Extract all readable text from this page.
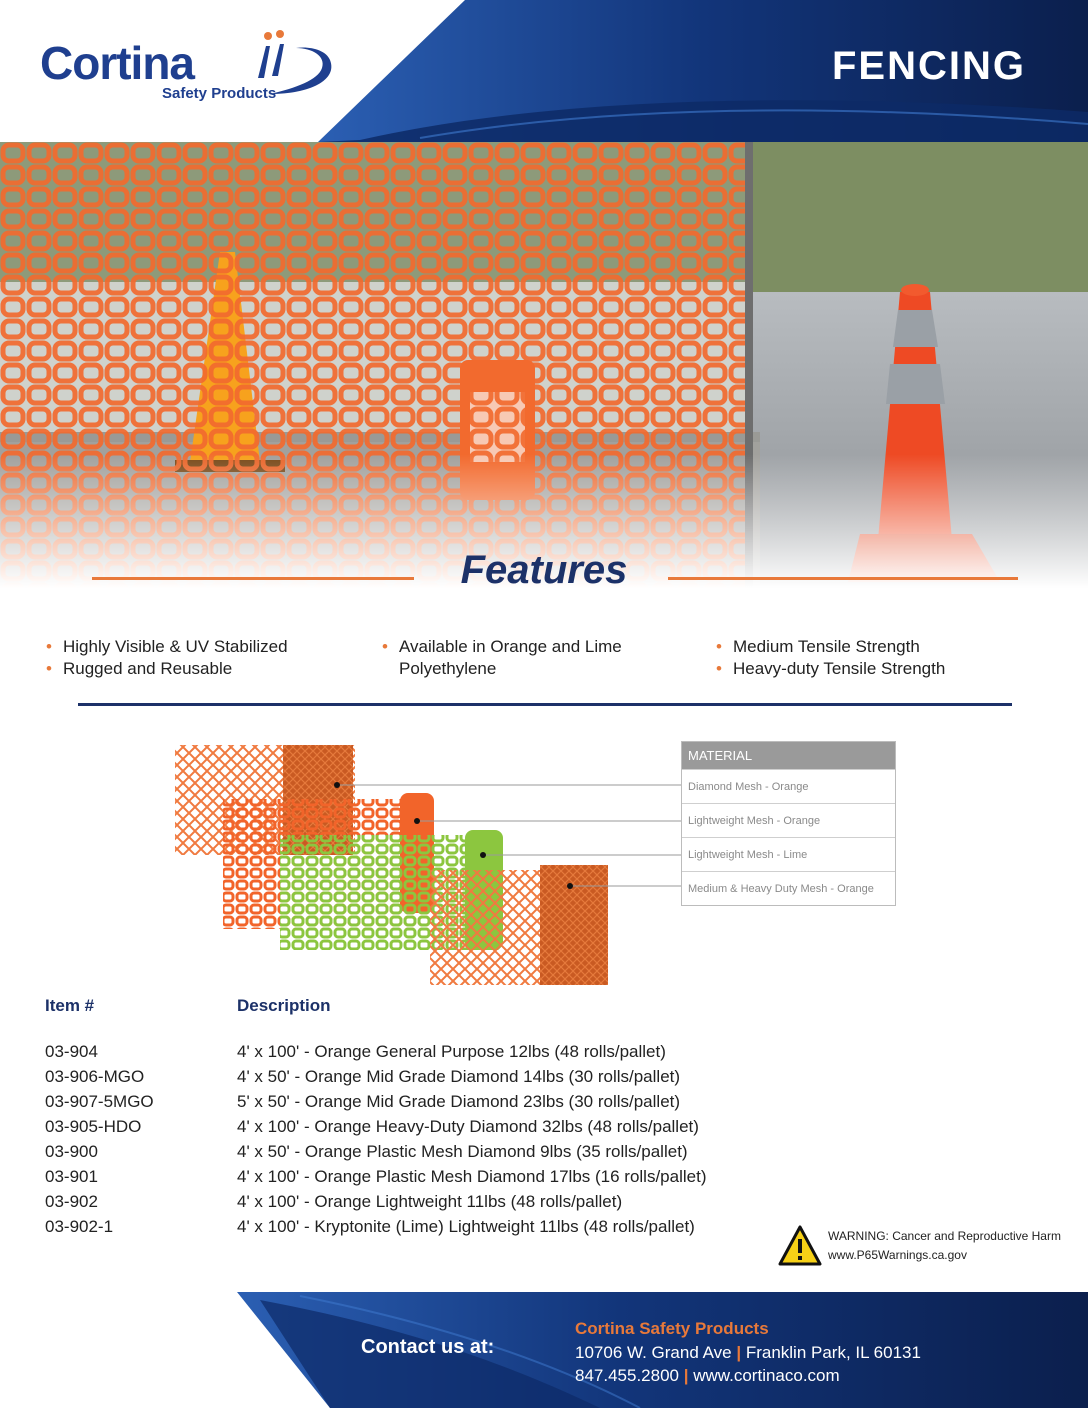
Cortina
Safety Products
FENCING
Features
• Highly Visible & UV Stabilized
• Rugged and Reusable
• Available in Orange and Lime Polyethylene
• Medium Tensile Strength
• Heavy-duty Tensile Strength
MATERIAL
Diamond Mesh - Orange
Lightweight Mesh - Orange
Lightweight Mesh - Lime
Medium & Heavy Duty Mesh - Orange
Item #	Description
03-904	4' x 100' - Orange General Purpose 12lbs (48 rolls/pallet)
03-906-MGO	4' x 50' - Orange Mid Grade Diamond 14lbs (30 rolls/pallet)
03-907-5MGO	5' x 50' - Orange Mid Grade Diamond 23lbs (30 rolls/pallet)
03-905-HDO	4' x 100' - Orange Heavy-Duty Diamond 32lbs (48 rolls/pallet)
03-900	4' x 50' - Orange Plastic Mesh Diamond 9lbs (35 rolls/pallet)
03-901	4' x 100' - Orange Plastic Mesh Diamond 17lbs (16 rolls/pallet)
03-902	4' x 100' - Orange Lightweight 11lbs (48 rolls/pallet)
03-902-1	4' x 100' - Kryptonite (Lime) Lightweight 11lbs (48 rolls/pallet)	WARNING: Cancer and Reproductive Harm
www.P65Warnings.ca.gov
Contact us at:
Cortina Safety Products
10706 W. Grand Ave | Franklin Park, IL 60131
847.455.2800 | www.cortinaco.com
